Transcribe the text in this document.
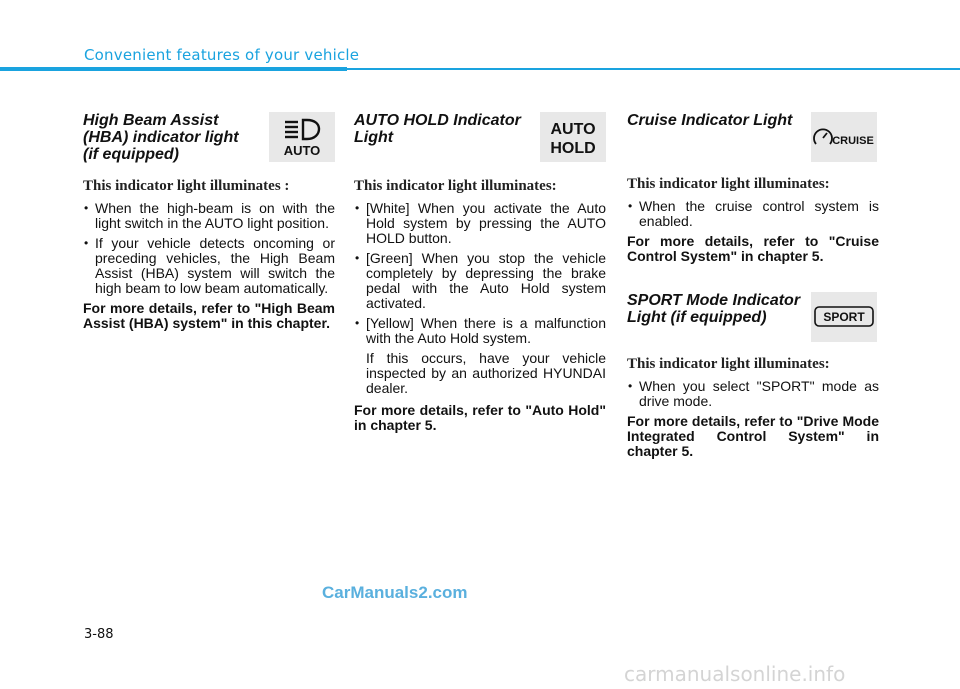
Convenient features of your vehicle
High Beam Assist
(HBA) indicator light
(if equipped)	AUTO
This indicator light illuminates :
• When the high-beam is on with the light switch in the AUTO light position.
• If your vehicle detects oncoming or preceding vehicles, the High Beam Assist (HBA) system will switch the high beam to low beam automatically.
For more details, refer to "High Beam Assist (HBA) system" in this chapter.
AUTO HOLD Indicator
Light	AUTO
HOLD
This indicator light illuminates:
• [White] When you activate the Auto Hold system by pressing the AUTO HOLD button.
• [Green] When you stop the vehicle completely by depressing the brake pedal with the Auto Hold system activated.
• [Yellow] When there is a malfunction with the Auto Hold system.
If this occurs, have your vehicle inspected by an authorized HYUNDAI dealer.
For more details, refer to "Auto Hold" in chapter 5.
Cruise Indicator Light
CRUISE
This indicator light illuminates:
• When the cruise control system is enabled.
For more details, refer to "Cruise Control System" in chapter 5.
SPORT Mode Indicator
Light (if equipped)	SPORT
This indicator light illuminates:
• When you select "SPORT" mode as drive mode.
For more details, refer to "Drive Mode Integrated Control System" in chapter 5.
CarManuals2.com
3-88
carmanualsonline.info
